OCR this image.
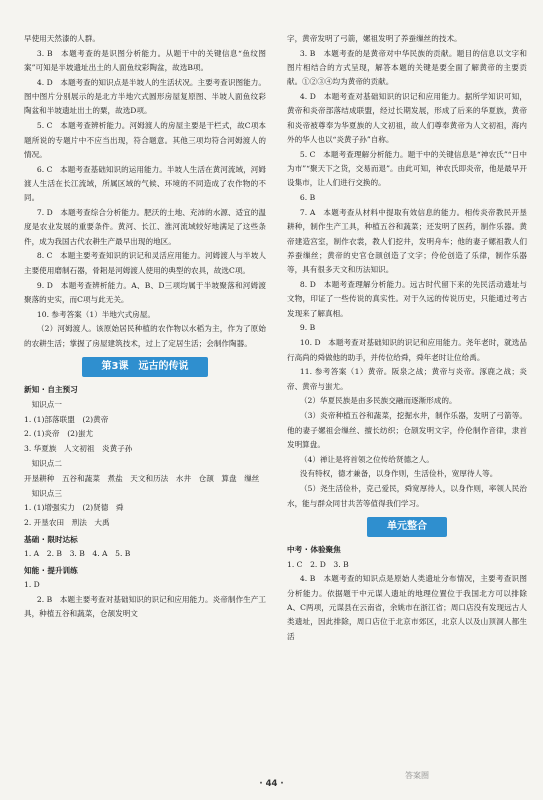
早使用天然漆的人群。

3. B　本题考查的是识图分析能力。从题干中的关键信息“鱼纹图案”可知是半坡遗址出土的人面鱼纹彩陶盆，故选B项。

4. D　本题考查的知识点是半坡人的生活状况。主要考查识图能力。图中图片分别展示的是北方半地穴式圆形房屋复原图、半坡人面鱼纹彩陶盆和半坡遗址出土的粟，故选D项。

5. C　本题考查辨析能力。河姆渡人的房屋主要是干栏式，故C项本题所说的专题片中不应当出现，符合题意。其他三项均符合河姆渡人的情况。

6. C　本题考查基础知识的运用能力。半坡人生活在黄河流域，河姆渡人生活在长江流域，所属区域的气候、环境的不同造成了农作物的不同。

7. D　本题考查综合分析能力。肥沃的土地、充沛的水源、适宜的温度是农业发展的重要条件。黄河、长江、淮河流域较好地满足了这些条件，成为我国古代农耕生产最早出现的地区。

8. C　本题主要考查知识的识记和灵活应用能力。河姆渡人与半坡人主要使用磨制石器，骨耜是河姆渡人使用的典型的农具，故选C项。

9. D　本题考查辨析能力。A、B、D三项均属于半坡聚落和河姆渡聚落的史实，而C项与此无关。

10. 参考答案（1）半地穴式房屋。

（2）河姆渡人。该原始居民种植的农作物以水稻为主，作为了原始的农耕生活；掌握了房屋建筑技术，过上了定居生活；会制作陶器。

第3课　远古的传说

新知 · 自主预习

知识点一

1. (1)部落联盟　(2)黄帝

2. (1)炎帝　(2)蚩尤

3. 华夏族　人文初祖　炎黄子孙

知识点二

开垦耕种　五谷和蔬菜　煮盐　天文和历法　水井　仓颉　算盘　缫丝

知识点三

1. (1)增强实力　(2)贤德　舜

2. 开垦农田　刑法　大禹

基础 · 限时达标

1. A　2. B　3. B　4. A　5. B

知能 · 提升训练

1. D

2. B　本题主要考查对基础知识的识记和应用能力。炎帝制作生产工具，种植五谷和蔬菜，仓颉发明文

字，黄帝发明了弓箭，嫘祖发明了养蚕缫丝的技术。

3. B　本题考查的是黄帝对中华民族的贡献。题目的信息以文字和图片相结合的方式呈现，解答本题的关键是要全面了解黄帝的主要贡献。①②③④均为黄帝的贡献。

4. D　本题考查对基础知识的识记和应用能力。据所学知识可知，黄帝和炎帝部落结成联盟，经过长期发展，形成了后来的华夏族，黄帝和炎帝被尊奉为华夏族的人文初祖，故人们尊奉黄帝为人文初祖，海内外的华人也以“炎黄子孙”自称。

5. C　本题考查理解分析能力。题干中的关键信息是“神农氏”“日中为市”“聚天下之货，交易而退”。由此可知，神农氏即炎帝，他是最早开设集市，让人们进行交换的。

6. B

7. A　本题考查从材料中提取有效信息的能力。相传炎帝教民开垦耕种，制作生产工具，种植五谷和蔬菜；还发明了医药，制作乐器。黄帝建造宫室，制作衣裳，教人们挖井，发明舟车；他的妻子嫘祖教人们养蚕缫丝；黄帝的史官仓颉创造了文字；伶伦创造了乐律，制作乐器等，具有很多天文和历法知识。

8. D　本题考查理解分析能力。远古时代留下来的先民活动遗址与文物，印证了一些传说的真实性。对于久远的传说历史，只能通过考古发现来了解真相。

9. B

10. D　本题考查对基础知识的识记和应用能力。尧年老时，就选品行高尚的舜做他的助手，并传位给舜，舜年老时让位给禹。

11. 参考答案（1）黄帝。阪泉之战；黄帝与炎帝。涿鹿之战；炎帝、黄帝与蚩尤。

（2）华夏民族是由多民族交融而逐渐形成的。

（3）炎帝种植五谷和蔬菜，挖掘水井，制作乐器，发明了弓箭等。他的妻子嫘祖会缫丝、擅长纺织；仓颉发明文字，伶伦制作音律，隶首发明算盘。

（4）禅让是将首领之位传给贤德之人。

没有特权，德才兼备，以身作则，生活俭朴，宽厚待人等。

（5）尧生活俭朴，克己爱民，舜宽厚待人，以身作则，率领人民治水，能与群众同甘共苦等值得我们学习。

单元整合

中考 · 体验聚焦

1. C　2. D　3. B

4. B　本题考查的知识点是原始人类遗址分布情况，主要考查识图分析能力。依据题干中元谋人遗址的地理位置位于我国北方可以排除A、C两项，元谋县在云南省，余姚市在浙江省；周口店没有发现远古人类遗址，因此排除，周口店位于北京市郊区，北京人以及山顶洞人都生活

· 44 ·
答案圈
